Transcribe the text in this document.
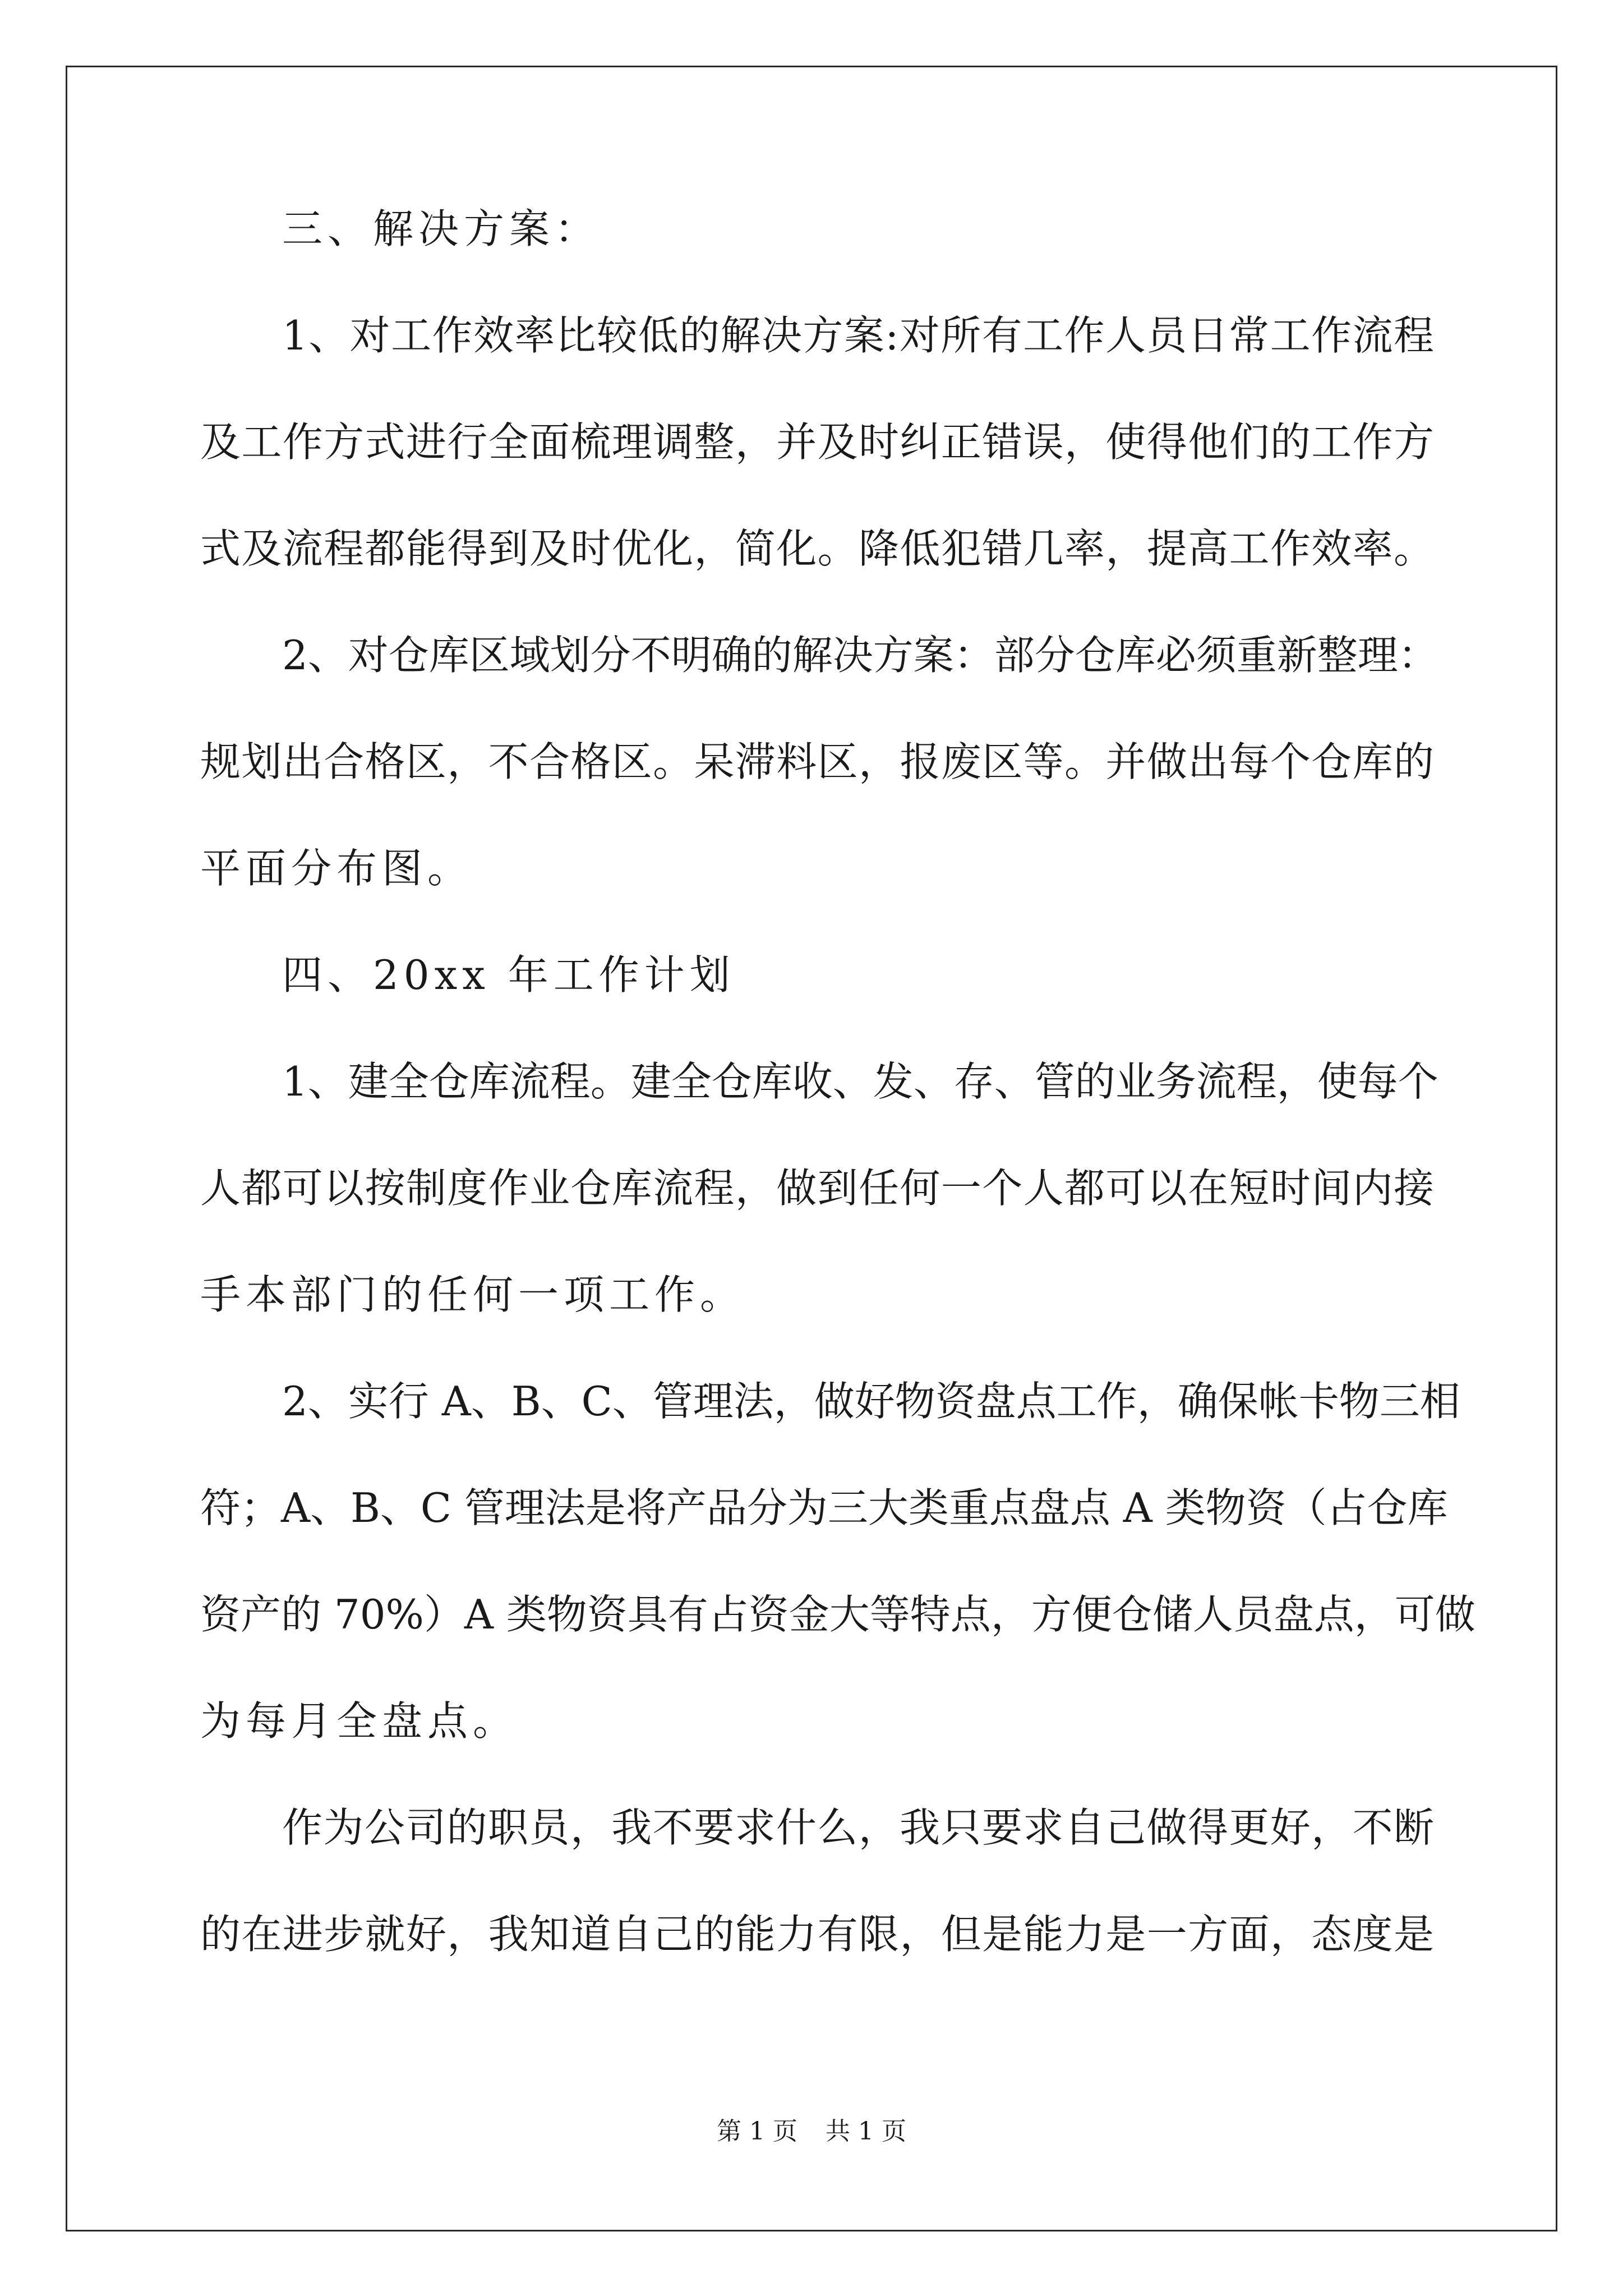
三、解决方案：

1、对工作效率比较低的解决方案:对所有工作人员日常工作流程

及工作方式进行全面梳理调整，并及时纠正错误，使得他们的工作方

式及流程都能得到及时优化，简化。降低犯错几率，提高工作效率。

2、对仓库区域划分不明确的解决方案：部分仓库必须重新整理：

规划出合格区，不合格区。呆滞料区，报废区等。并做出每个仓库的

平面分布图。

四、20xx 年工作计划

1、建全仓库流程。建全仓库收、发、存、管的业务流程，使每个

人都可以按制度作业仓库流程，做到任何一个人都可以在短时间内接

手本部门的任何一项工作。

2、实行 A、B、C、管理法，做好物资盘点工作，确保帐卡物三相

符；A、B、C 管理法是将产品分为三大类重点盘点 A 类物资（占仓库

资产的 70%）A 类物资具有占资金大等特点，方便仓储人员盘点，可做

为每月全盘点。

作为公司的职员，我不要求什么，我只要求自己做得更好，不断

的在进步就好，我知道自己的能力有限，但是能力是一方面，态度是

第 1 页 共 1 页
